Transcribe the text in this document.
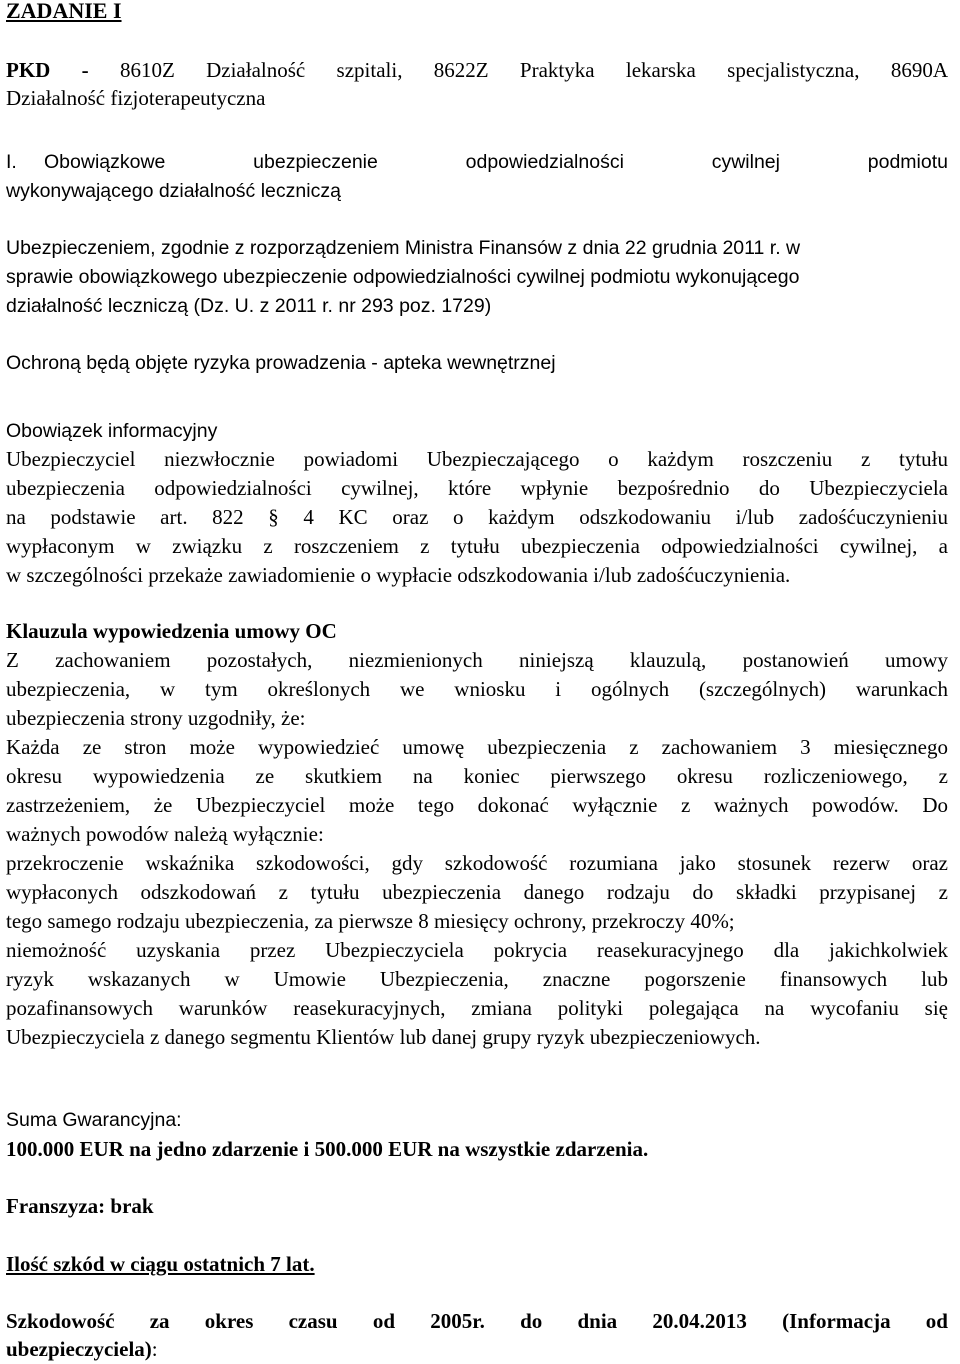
ZADANIE I
PKD - 8610Z Działalność szpitali, 8622Z Praktyka lekarska specjalistyczna, 8690A
Działalność fizjoterapeutyczna
I. Obowiązkowe ubezpieczenie odpowiedzialności cywilnej podmiotu
wykonywającego działalność leczniczą
Ubezpieczeniem, zgodnie z rozporządzeniem Ministra Finansów z dnia 22 grudnia 2011 r. w
sprawie obowiązkowego ubezpieczenie odpowiedzialności cywilnej podmiotu wykonującego
działalność leczniczą (Dz. U. z 2011 r. nr 293 poz. 1729)
Ochroną będą objęte ryzyka prowadzenia - apteka wewnętrznej
Obowiązek informacyjny
Ubezpieczyciel niezwłocznie powiadomi Ubezpieczającego o każdym roszczeniu z tytułu
ubezpieczenia odpowiedzialności cywilnej, które wpłynie bezpośrednio do Ubezpieczyciela
na podstawie art. 822 § 4 KC oraz o każdym odszkodowaniu i/lub zadośćuczynieniu
wypłaconym w związku z roszczeniem z tytułu ubezpieczenia odpowiedzialności cywilnej, a
w szczególności przekaże zawiadomienie o wypłacie odszkodowania i/lub zadośćuczynienia.
Klauzula wypowiedzenia umowy OC
Z zachowaniem pozostałych, niezmienionych niniejszą klauzulą, postanowień umowy
ubezpieczenia, w tym określonych we wniosku i ogólnych (szczególnych) warunkach
ubezpieczenia strony uzgodniły, że:
Każda ze stron może wypowiedzieć umowę ubezpieczenia z zachowaniem 3 miesięcznego
okresu wypowiedzenia ze skutkiem na koniec pierwszego okresu rozliczeniowego, z
zastrzeżeniem, że Ubezpieczyciel może tego dokonać wyłącznie z ważnych powodów. Do
ważnych powodów należą wyłącznie:
przekroczenie wskaźnika szkodowości, gdy szkodowość rozumiana jako stosunek rezerw oraz
wypłaconych odszkodowań z tytułu ubezpieczenia danego rodzaju do składki przypisanej z
tego samego rodzaju ubezpieczenia, za pierwsze 8 miesięcy ochrony, przekroczy 40%;
niemożność uzyskania przez Ubezpieczyciela pokrycia reasekuracyjnego dla jakichkolwiek
ryzyk wskazanych w Umowie Ubezpieczenia, znaczne pogorszenie finansowych lub
pozafinansowych warunków reasekuracyjnych, zmiana polityki polegająca na wycofaniu się
Ubezpieczyciela z danego segmentu Klientów lub danej grupy ryzyk ubezpieczeniowych.
Suma Gwarancyjna:
100.000 EUR na jedno zdarzenie i 500.000 EUR na wszystkie zdarzenia.
Franszyza: brak
Ilość szkód w ciągu ostatnich 7 lat.
Szkodowość za okres czasu od 2005r. do dnia 20.04.2013 (Informacja od
ubezpieczyciela):
